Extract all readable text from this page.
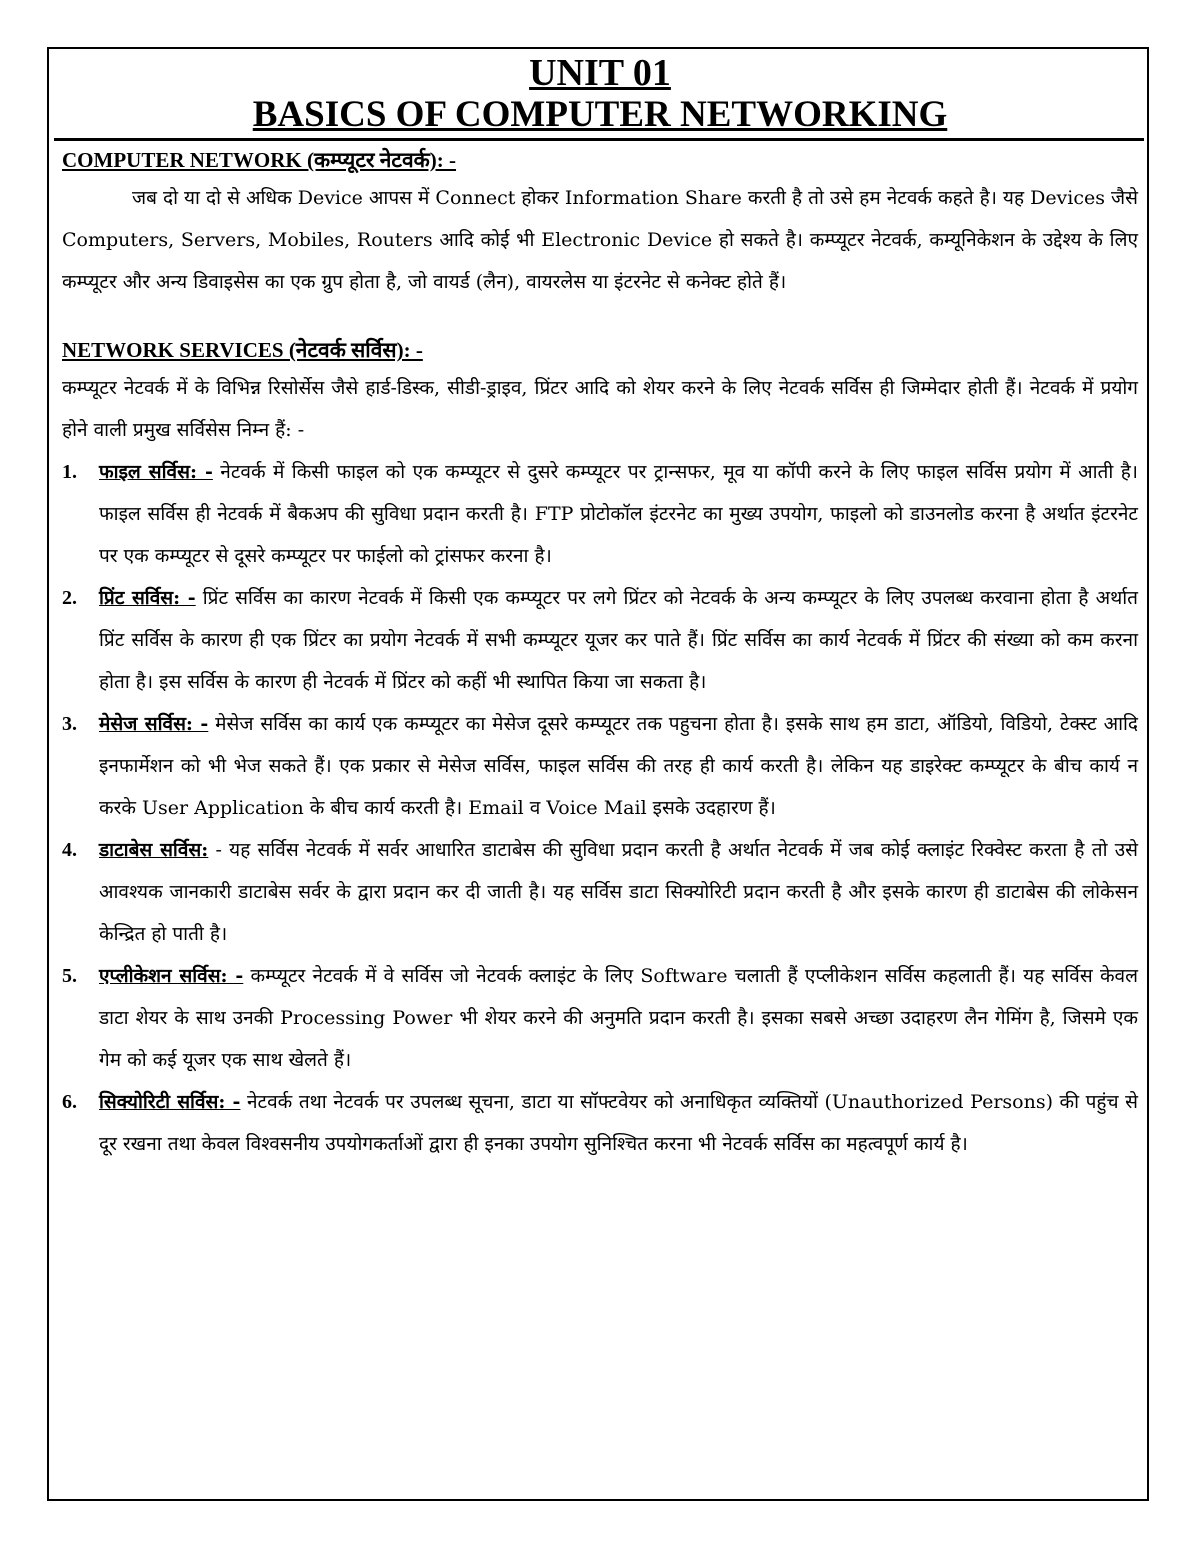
UNIT 01
BASICS OF COMPUTER NETWORKING
COMPUTER NETWORK (कम्प्यूटर नेटवर्क): -

जब दो या दो से अधिक Device आपस में Connect होकर Information Share करती है तो उसे हम नेटवर्क कहते है। यह Devices जैसे Computers, Servers, Mobiles, Routers आदि कोई भी Electronic Device हो सकते है। कम्प्यूटर नेटवर्क, कम्यूनिकेशन के उद्देश्य के लिए कम्प्यूटर और अन्य डिवाइसेस का एक ग्रुप होता है, जो वायर्ड (लैन), वायरलेस या इंटरनेट से कनेक्ट होते हैं।

NETWORK SERVICES (नेटवर्क सर्विस): -

कम्प्यूटर नेटवर्क में के विभिन्न रिसोर्सेस जैसे हार्ड-डिस्क, सीडी-ड्राइव, प्रिंटर आदि को शेयर करने के लिए नेटवर्क सर्विस ही जिम्मेदार होती हैं। नेटवर्क में प्रयोग होने वाली प्रमुख सर्विसेस निम्न हैं: -

1. फाइल सर्विस: - नेटवर्क में किसी फाइल को एक कम्प्यूटर से दुसरे कम्प्यूटर पर ट्रान्सफर, मूव या कॉपी करने के लिए फाइल सर्विस प्रयोग में आती है। फाइल सर्विस ही नेटवर्क में बैकअप की सुविधा प्रदान करती है। FTP प्रोटोकॉल इंटरनेट का मुख्य उपयोग, फाइलो को डाउनलोड करना है अर्थात इंटरनेट पर एक कम्प्यूटर से दूसरे कम्प्यूटर पर फाईलो को ट्रांसफर करना है।
2. प्रिंट सर्विस: - प्रिंट सर्विस का कारण नेटवर्क में किसी एक कम्प्यूटर पर लगे प्रिंटर को नेटवर्क के अन्य कम्प्यूटर के लिए उपलब्ध करवाना होता है अर्थात प्रिंट सर्विस के कारण ही एक प्रिंटर का प्रयोग नेटवर्क में सभी कम्प्यूटर यूजर कर पाते हैं। प्रिंट सर्विस का कार्य नेटवर्क में प्रिंटर की संख्या को कम करना होता है। इस सर्विस के कारण ही नेटवर्क में प्रिंटर को कहीं भी स्थापित किया जा सकता है।
3. मेसेज सर्विस: - मेसेज सर्विस का कार्य एक कम्प्यूटर का मेसेज दूसरे कम्प्यूटर तक पहुचना होता है। इसके साथ हम डाटा, ऑडियो, विडियो, टेक्स्ट आदि इनफार्मेशन को भी भेज सकते हैं। एक प्रकार से मेसेज सर्विस, फाइल सर्विस की तरह ही कार्य करती है। लेकिन यह डाइरेक्ट कम्प्यूटर के बीच कार्य न करके User Application के बीच कार्य करती है। Email व Voice Mail इसके उदहारण हैं।
4. डाटाबेस सर्विस: - यह सर्विस नेटवर्क में सर्वर आधारित डाटाबेस की सुविधा प्रदान करती है अर्थात नेटवर्क में जब कोई क्लाइंट रिक्वेस्ट करता है तो उसे आवश्यक जानकारी डाटाबेस सर्वर के द्वारा प्रदान कर दी जाती है। यह सर्विस डाटा सिक्योरिटी प्रदान करती है और इसके कारण ही डाटाबेस की लोकेसन केन्द्रित हो पाती है।
5. एप्लीकेशन सर्विस: - कम्प्यूटर नेटवर्क में वे सर्विस जो नेटवर्क क्लाइंट के लिए Software चलाती हैं एप्लीकेशन सर्विस कहलाती हैं। यह सर्विस केवल डाटा शेयर के साथ उनकी Processing Power भी शेयर करने की अनुमति प्रदान करती है। इसका सबसे अच्छा उदाहरण लैन गेमिंग है, जिसमे एक गेम को कई यूजर एक साथ खेलते हैं।
6. सिक्योरिटी सर्विस: - नेटवर्क तथा नेटवर्क पर उपलब्ध सूचना, डाटा या सॉफ्टवेयर को अनाधिकृत व्यक्तियों (Unauthorized Persons) की पहुंच से दूर रखना तथा केवल विश्वसनीय उपयोगकर्ताओं द्वारा ही इनका उपयोग सुनिश्चित करना भी नेटवर्क सर्विस का महत्वपूर्ण कार्य है।
